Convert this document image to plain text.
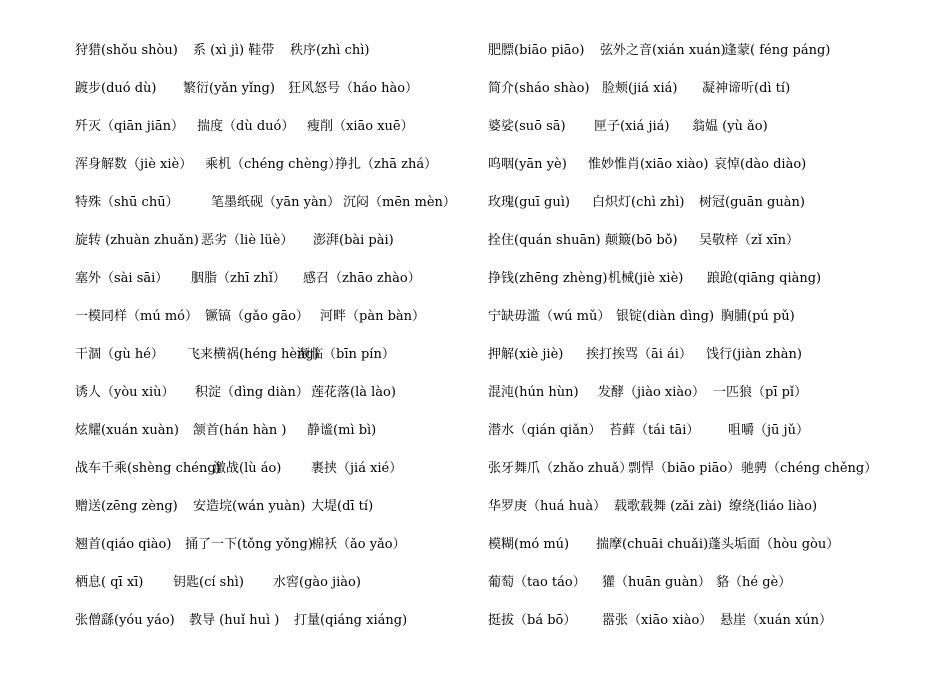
狩猎(shǒu shòu) 系 (xì jì) 鞋带 秩序(zhì chì)
踱步(duó dù) 繁衍(yǎn yǐng) 狂风怒号（háo hào）
歼灭（qiān jiān） 揣度（dù duó） 瘦削（xiāo xuē）
浑身解数（jiè xiè） 乘机（chéng chèng）
挣扎（zhā zhá）
特殊（shū chū） 笔墨纸砚（yān yàn） 沉闷（mēn mèn）
旋转 (zhuàn zhuǎn) 恶劣（liè lüè） 澎湃(bài pài)
塞外（sài sāi） 胭脂（zhī zhǐ） 感召（zhāo zhào）
一模同样（mú mó） 镢镐（gǎo gāo） 河畔（pàn bàn）
干涸（gù hé） 飞来横祸(héng hèng)
濒临（bīn pín）
诱人（yòu xiù） 积淀（dìng diàn） 莲花落(là lào)
炫耀(xuán xuàn) 颔首(hán hàn ) 静谧(mì bì)
战车千乘(shèng chéng)
激战(lù áo) 裹挟（jiá xié）
赠送(zēng zèng) 安造垸(wán yuàn) 大堤(dī tí)
翘首(qiáo qiào) 捅了一下(tǒng yǒng)
棉袄（ǎo yǎo）
栖息( qī xī) 钥匙(cí shì) 水窖(gào jiào)
张僧繇(yóu yáo) 教导 (huǐ huì ) 打量(qiáng xiáng)
肥膘(biāo piāo) 弦外之音(xián xuán)
逢蒙( féng páng)
简介(sháo shào) 脸颊(jiá xiá) 凝神谛听(dì tí)
婆娑(suō sā) 匣子(xiá jiá) 翁媪 (yù ǎo)
呜咽(yān yè) 惟妙惟肖(xiāo xiào) 哀悼(dào diào)
玫瑰(guī guì) 白炽灯(chì zhì) 树冠(guān guàn)
拴住(quán shuān) 颠簸(bō bǒ) 吴敬梓（zǐ xīn）
挣钱(zhēng zhèng) 机械(jiè xiè) 踉跄(qiāng qiàng)
宁缺毋滥（wú mǔ） 银锭(diàn dìng) 胸脯(pú pǔ)
押解(xiè jiè) 挨打挨骂（āi ái） 饯行(jiàn zhàn)
混沌(hún hùn) 发酵（jiào xiào） 一匹狼（pī pǐ）
潜水（qián qiǎn） 苔藓（tái tāi） 咀嚼（jū jǔ）
张牙舞爪（zhǎo zhuǎ）
剽悍（biāo piāo） 驰骋（chéng chěng）
华罗庚（huá huà） 载歌载舞 (zǎi zài) 缭绕(liáo liào)
模糊(mó mú) 揣摩(chuāi chuǎi) 蓬头垢面（hòu gòu）
葡萄（tao táo） 獾（huān guàn） 貉（hé gè）
挺拔（bá bō） 嚣张（xiāo xiào） 悬崖（xuán xún）
